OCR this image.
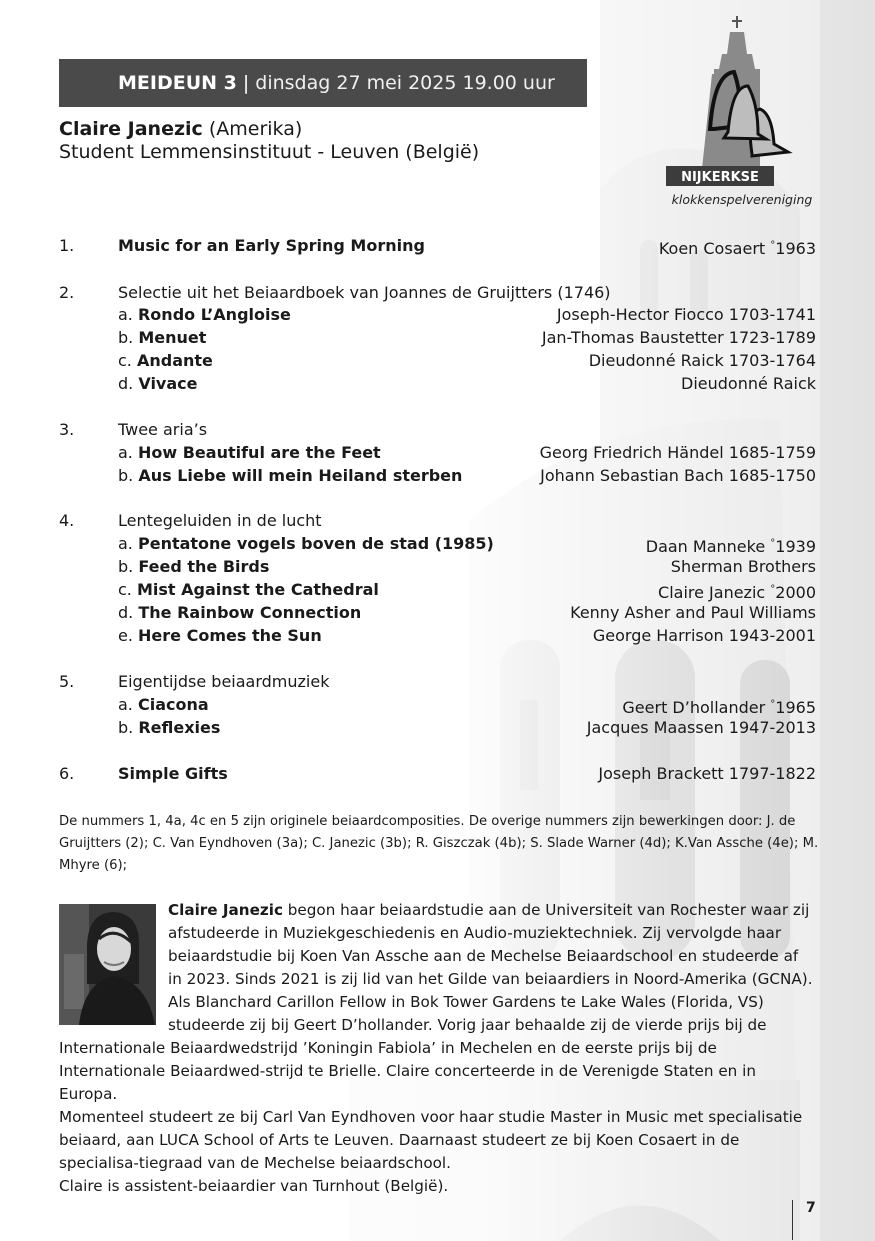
MEIDEUN 3 | dinsdag 27 mei 2025 19.00 uur
Claire Janezic (Amerika)
Student Lemmensinstituut - Leuven (België)
NIJKERKSE
klokkenspelvereniging
1.	Music for an Early Spring Morning	Koen Cosaert °1963
2.	Selectie uit het Beiaardboek van Joannes de Gruijtters (1746)
a. Rondo L’Angloise	Joseph-Hector Fiocco 1703-1741
b. Menuet	Jan-Thomas Baustetter 1723-1789
c. Andante	Dieudonné Raick 1703-1764
d. Vivace	Dieudonné Raick
3.	Twee aria’s
a. How Beautiful are the Feet	Georg Friedrich Händel 1685-1759
b. Aus Liebe will mein Heiland sterben	Johann Sebastian Bach 1685-1750
4.	Lentegeluiden in de lucht
a. Pentatone vogels boven de stad (1985)	Daan Manneke °1939
b. Feed the Birds	Sherman Brothers
c. Mist Against the Cathedral	Claire Janezic °2000
d. The Rainbow Connection	Kenny Asher and Paul Williams
e. Here Comes the Sun	George Harrison 1943-2001
5.	Eigentijdse beiaardmuziek
a. Ciacona	Geert D’hollander °1965
b. Reflexies	Jacques Maassen 1947-2013
6.	Simple Gifts	Joseph Brackett 1797-1822
De nummers 1, 4a, 4c en 5 zijn originele beiaardcomposities. De overige nummers zijn bewerkingen door: J. de Gruijtters (2); C. Van Eyndhoven (3a); C. Janezic (3b); R. Giszczak (4b); S. Slade Warner (4d); K.Van Assche (4e); M. Mhyre (6);

Claire Janezic begon haar beiaardstudie aan de Universiteit van Rochester waar zij afstudeerde in Muziekgeschiedenis en Audio-muziektechniek. Zij vervolgde haar beiaardstudie bij Koen Van Assche aan de Mechelse Beiaardschool en studeerde af in 2023. Sinds 2021 is zij lid van het Gilde van beiaardiers in Noord-Amerika (GCNA). Als Blanchard Carillon Fellow in Bok Tower Gardens te Lake Wales (Florida, VS) studeerde zij bij Geert D’hollander. Vorig jaar behaalde zij de vierde prijs bij de Internationale Beiaardwedstrijd ’Koningin Fabiola’ in Mechelen en de eerste prijs bij de Internationale Beiaardwed-strijd te Brielle. Claire concerteerde in de Verenigde Staten en in Europa.

Momenteel studeert ze bij Carl Van Eyndhoven voor haar studie Master in Music met specialisatie beiaard, aan LUCA School of Arts te Leuven. Daarnaast studeert ze bij Koen Cosaert in de specialisa-tiegraad van de Mechelse beiaardschool.

Claire is assistent-beiaardier van Turnhout (België).

7
